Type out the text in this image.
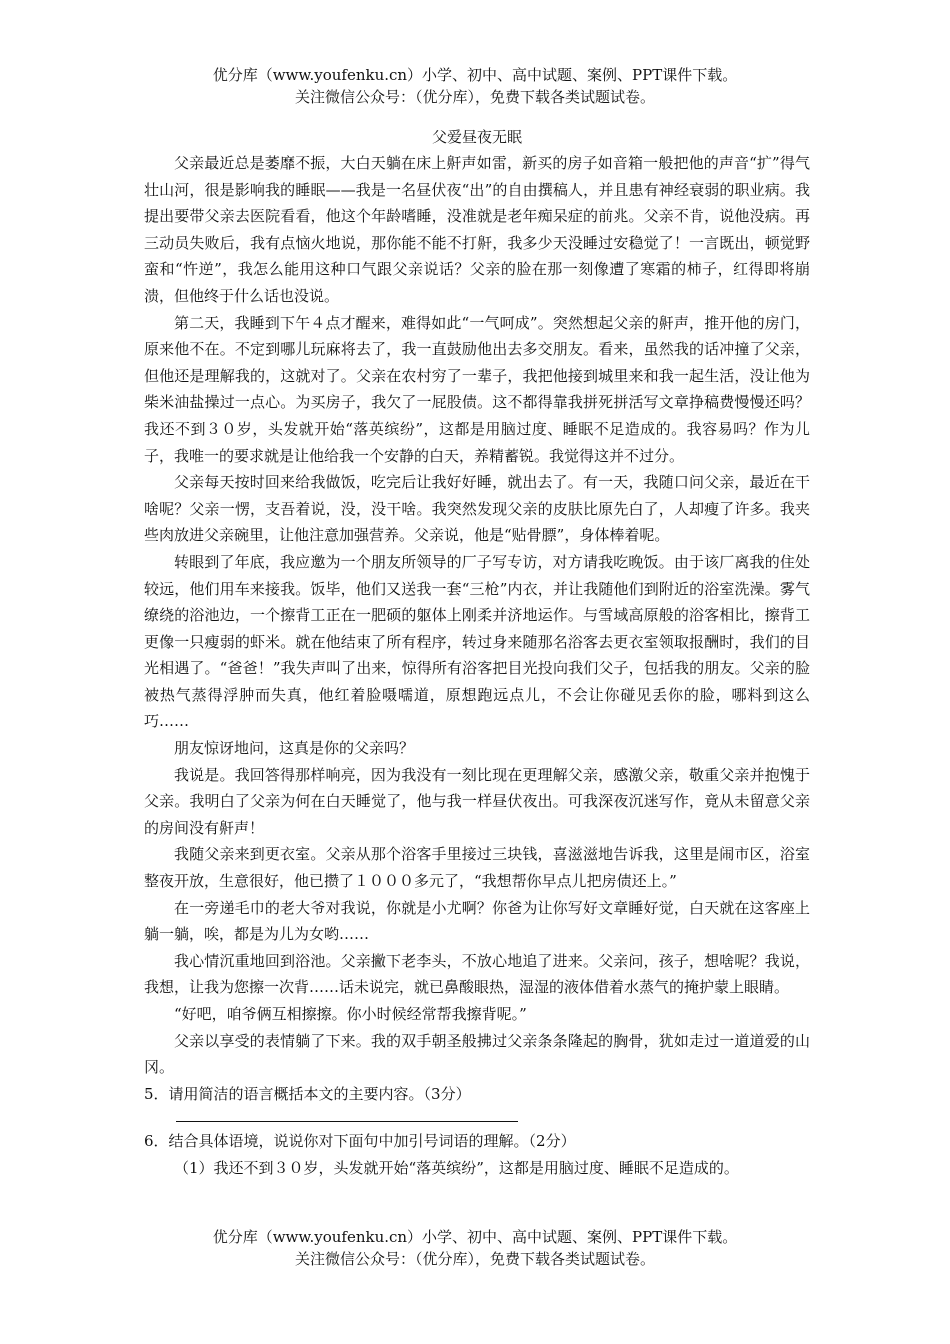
优分库（www.youfenku.cn）小学、初中、高中试题、案例、PPT课件下载。
关注微信公众号：（优分库），免费下载各类试题试卷。
父爱昼夜无眠

父亲最近总是萎靡不振，大白天躺在床上鼾声如雷，新买的房子如音箱一般把他的声音“扩”得气壮山河，很是影响我的睡眠——我是一名昼伏夜“出”的自由撰稿人，并且患有神经衰弱的职业病。我提出要带父亲去医院看看，他这个年龄嗜睡，没准就是老年痴呆症的前兆。父亲不肯，说他没病。再三动员失败后，我有点恼火地说，那你能不能不打鼾，我多少天没睡过安稳觉了！一言既出，顿觉野蛮和“忤逆”，我怎么能用这种口气跟父亲说话？父亲的脸在那一刻像遭了寒霜的柿子，红得即将崩溃，但他终于什么话也没说。

第二天，我睡到下午４点才醒来，难得如此“一气呵成”。突然想起父亲的鼾声，推开他的房门，原来他不在。不定到哪儿玩麻将去了，我一直鼓励他出去多交朋友。看来，虽然我的话冲撞了父亲，但他还是理解我的，这就对了。父亲在农村穷了一辈子，我把他接到城里来和我一起生活，没让他为柴米油盐操过一点心。为买房子，我欠了一屁股债。这不都得靠我拼死拼活写文章挣稿费慢慢还吗？我还不到３０岁，头发就开始“落英缤纷”，这都是用脑过度、睡眠不足造成的。我容易吗？作为儿子，我唯一的要求就是让他给我一个安静的白天，养精蓄锐。我觉得这并不过分。

父亲每天按时回来给我做饭，吃完后让我好好睡，就出去了。有一天，我随口问父亲，最近在干啥呢？父亲一愣，支吾着说，没，没干啥。我突然发现父亲的皮肤比原先白了，人却瘦了许多。我夹些肉放进父亲碗里，让他注意加强营养。父亲说，他是“贴骨膘”，身体棒着呢。

转眼到了年底，我应邀为一个朋友所领导的厂子写专访，对方请我吃晚饭。由于该厂离我的住处较远，他们用车来接我。饭毕，他们又送我一套“三枪”内衣，并让我随他们到附近的浴室洗澡。雾气缭绕的浴池边，一个擦背工正在一肥硕的躯体上刚柔并济地运作。与雪域高原般的浴客相比，擦背工更像一只瘦弱的虾米。就在他结束了所有程序，转过身来随那名浴客去更衣室领取报酬时，我们的目光相遇了。“爸爸！”我失声叫了出来，惊得所有浴客把目光投向我们父子，包括我的朋友。父亲的脸被热气蒸得浮肿而失真，他红着脸嗫嚅道，原想跑远点儿，不会让你碰见丢你的脸，哪料到这么巧……

朋友惊讶地问，这真是你的父亲吗？

我说是。我回答得那样响亮，因为我没有一刻比现在更理解父亲，感激父亲，敬重父亲并抱愧于父亲。我明白了父亲为何在白天睡觉了，他与我一样昼伏夜出。可我深夜沉迷写作，竟从未留意父亲的房间没有鼾声！

我随父亲来到更衣室。父亲从那个浴客手里接过三块钱，喜滋滋地告诉我，这里是闹市区，浴室整夜开放，生意很好，他已攒了１０００多元了，“我想帮你早点儿把房债还上。”

在一旁递毛巾的老大爷对我说，你就是小尤啊？你爸为让你写好文章睡好觉，白天就在这客座上躺一躺，唉，都是为儿为女哟……

我心情沉重地回到浴池。父亲撇下老李头，不放心地追了进来。父亲问，孩子，想啥呢？我说，我想，让我为您擦一次背……话未说完，就已鼻酸眼热，湿湿的液体借着水蒸气的掩护蒙上眼睛。

“好吧，咱爷俩互相擦擦。你小时候经常帮我擦背呢。”

父亲以享受的表情躺了下来。我的双手朝圣般拂过父亲条条隆起的胸骨，犹如走过一道道爱的山冈。

5．请用简洁的语言概括本文的主要内容。（3分）

6．结合具体语境，说说你对下面句中加引号词语的理解。（2分）

（1）我还不到３０岁，头发就开始“落英缤纷”，这都是用脑过度、睡眠不足造成的。

优分库（www.youfenku.cn）小学、初中、高中试题、案例、PPT课件下载。
关注微信公众号：（优分库），免费下载各类试题试卷。
